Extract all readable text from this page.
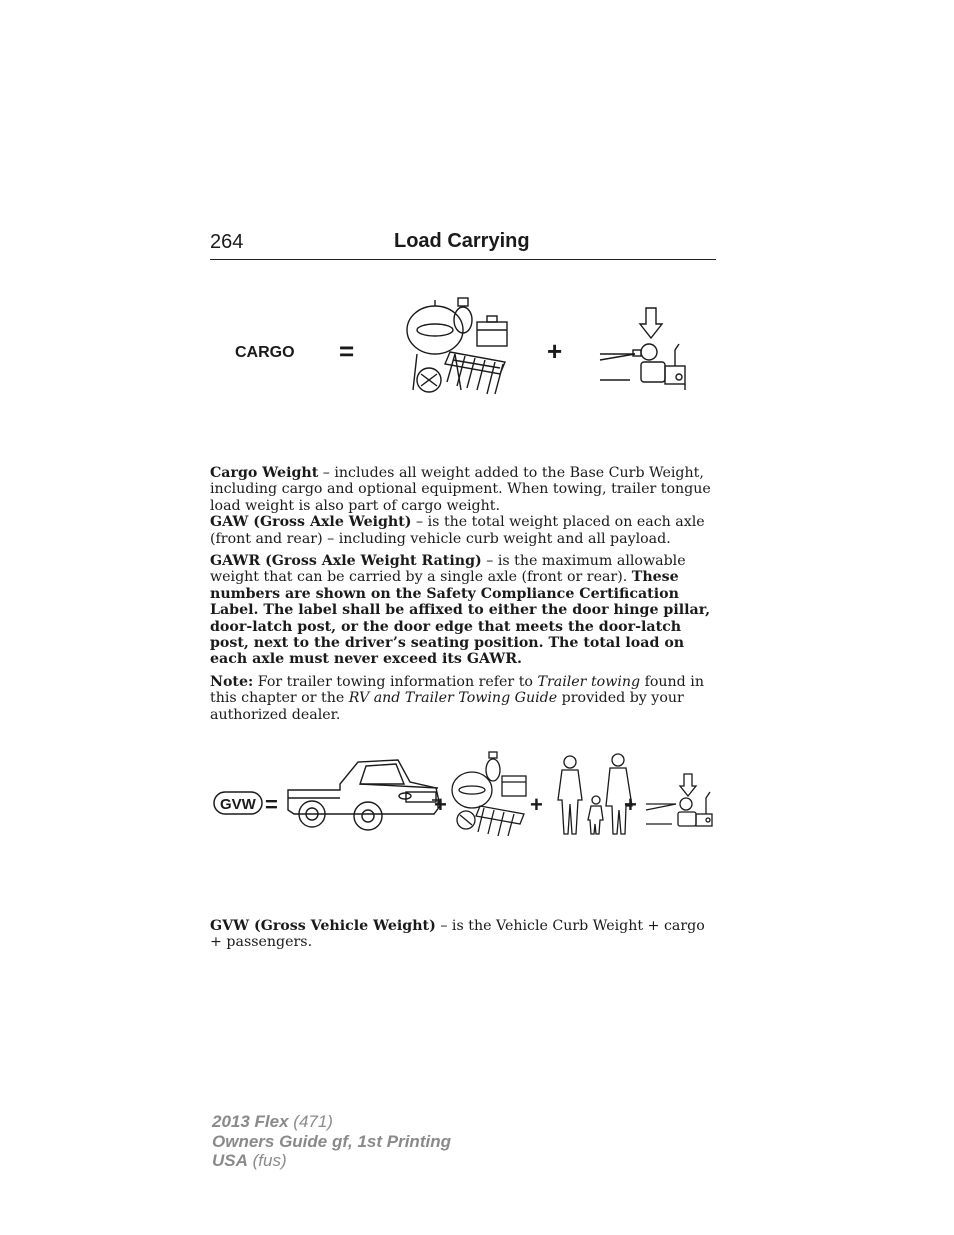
264	Load Carrying
CARGO =	+

Cargo Weight – includes all weight added to the Base Curb Weight, including cargo and optional equipment. When towing, trailer tongue load weight is also part of cargo weight.

GAW (Gross Axle Weight) – is the total weight placed on each axle (front and rear) – including vehicle curb weight and all payload.

GAWR (Gross Axle Weight Rating) – is the maximum allowable weight that can be carried by a single axle (front or rear). These numbers are shown on the Safety Compliance Certification Label. The label shall be affixed to either the door hinge pillar, door-latch post, or the door edge that meets the door-latch post, next to the driver’s seating position. The total load on each axle must never exceed its GAWR.

Note: For trailer towing information refer to Trailer towing found in this chapter or the RV and Trailer Towing Guide provided by your authorized dealer.

GVW =	+	+	+

GVW (Gross Vehicle Weight) – is the Vehicle Curb Weight + cargo + passengers.

2013 Flex (471)
Owners Guide gf, 1st Printing
USA (fus)
